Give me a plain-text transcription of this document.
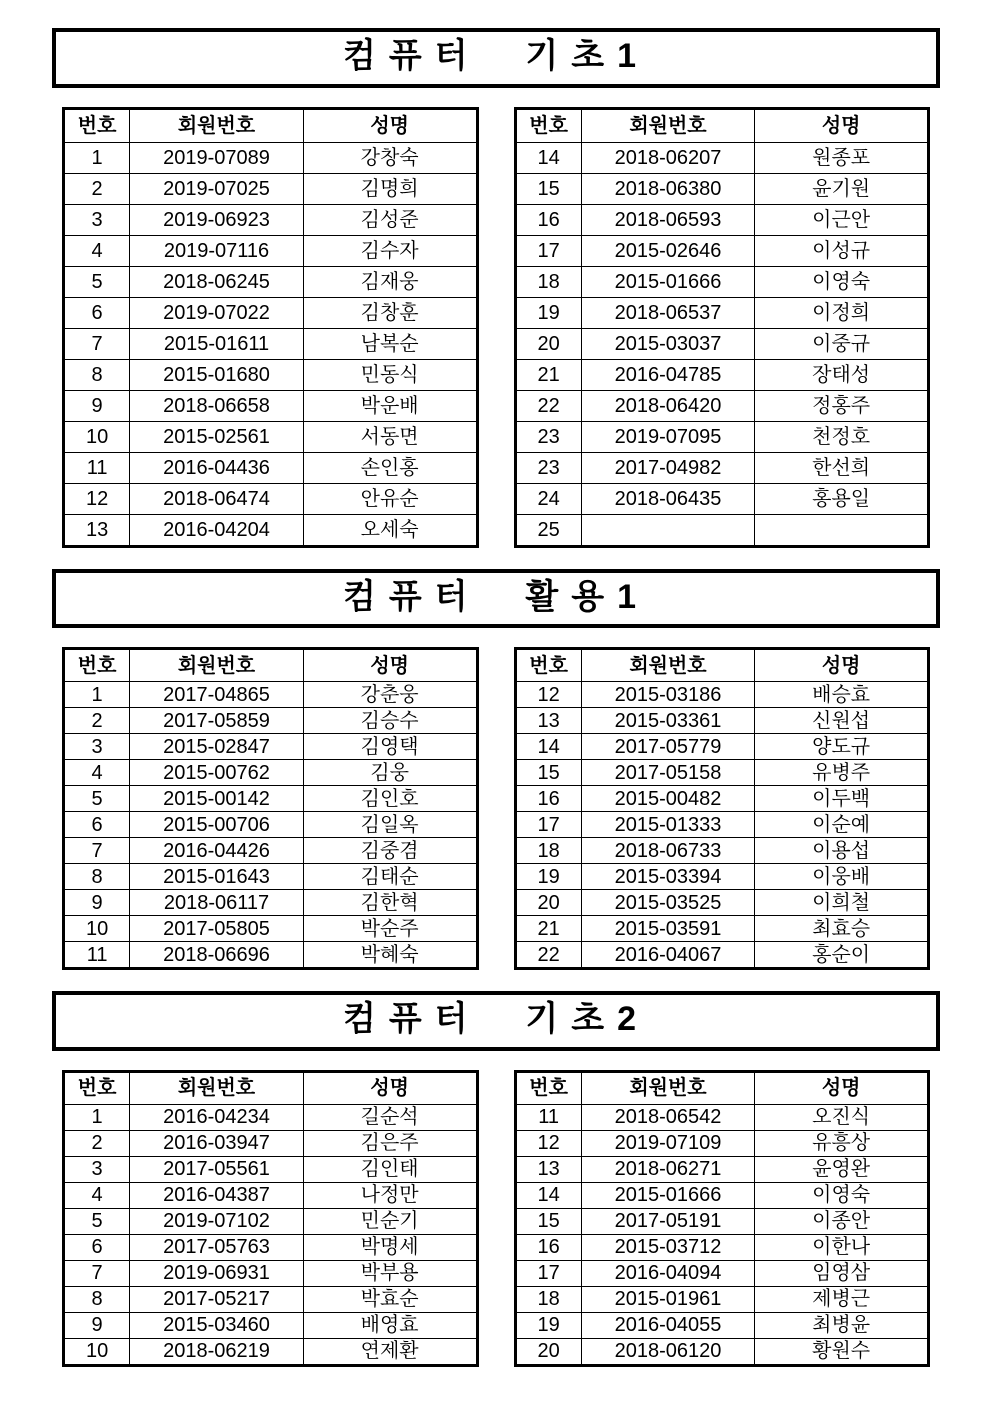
컴퓨터  기초1
번호	회원번호	성명
1	2019-07089	강창숙
2	2019-07025	김명희
3	2019-06923	김성준
4	2019-07116	김수자
5	2018-06245	김재웅
6	2019-07022	김창훈
7	2015-01611	남복순
8	2015-01680	민동식
9	2018-06658	박운배
10	2015-02561	서동면
11	2016-04436	손인홍
12	2018-06474	안유순
13	2016-04204	오세숙
번호	회원번호	성명
14	2018-06207	원종포
15	2018-06380	윤기원
16	2018-06593	이근안
17	2015-02646	이성규
18	2015-01666	이영숙
19	2018-06537	이정희
20	2015-03037	이중규
21	2016-04785	장태성
22	2018-06420	정홍주
23	2019-07095	천정호
23	2017-04982	한선희
24	2018-06435	홍용일
25		
컴퓨터  활용1
번호	회원번호	성명
1	2017-04865	강춘웅
2	2017-05859	김승수
3	2015-02847	김영택
4	2015-00762	김웅
5	2015-00142	김인호
6	2015-00706	김일옥
7	2016-04426	김중겸
8	2015-01643	김태순
9	2018-06117	김한혁
10	2017-05805	박순주
11	2018-06696	박혜숙
번호	회원번호	성명
12	2015-03186	배승효
13	2015-03361	신원섭
14	2017-05779	양도규
15	2017-05158	유병주
16	2015-00482	이두백
17	2015-01333	이순예
18	2018-06733	이용섭
19	2015-03394	이웅배
20	2015-03525	이희철
21	2015-03591	최효승
22	2016-04067	홍순이
컴퓨터  기초2
번호	회원번호	성명
1	2016-04234	길순석
2	2016-03947	김은주
3	2017-05561	김인태
4	2016-04387	나정만
5	2019-07102	민순기
6	2017-05763	박명세
7	2019-06931	박부용
8	2017-05217	박효순
9	2015-03460	배영효
10	2018-06219	연제환
번호	회원번호	성명
11	2018-06542	오진식
12	2019-07109	유흥상
13	2018-06271	윤영완
14	2015-01666	이영숙
15	2017-05191	이종안
16	2015-03712	이한나
17	2016-04094	임영삼
18	2015-01961	제병근
19	2016-04055	최병윤
20	2018-06120	황원수
